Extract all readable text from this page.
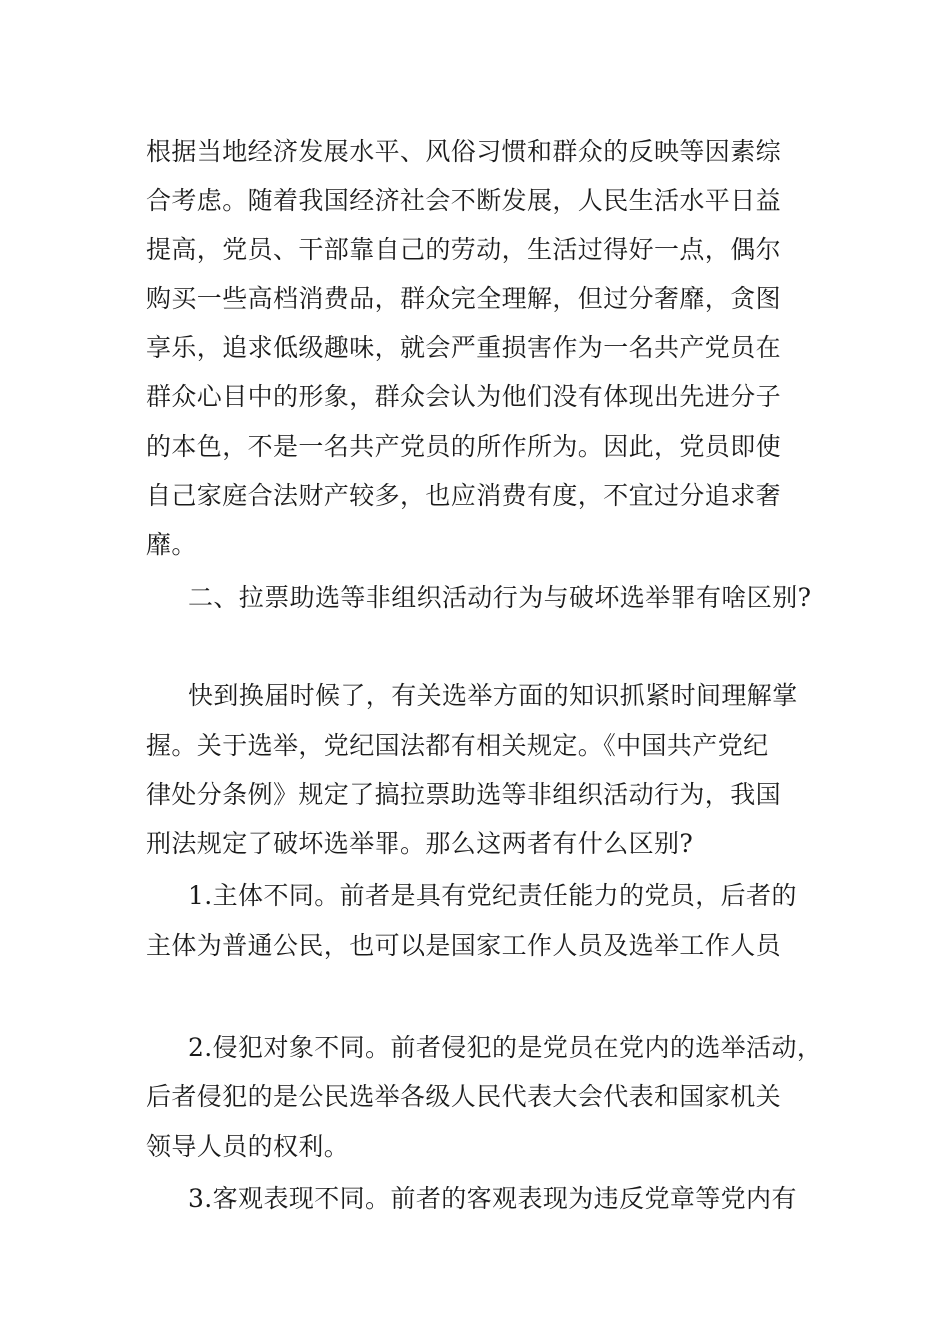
根据当地经济发展水平、风俗习惯和群众的反映等因素综

合考虑。随着我国经济社会不断发展，人民生活水平日益

提高，党员、干部靠自己的劳动，生活过得好一点，偶尔

购买一些高档消费品，群众完全理解，但过分奢靡，贪图

享乐，追求低级趣味，就会严重损害作为一名共产党员在

群众心目中的形象，群众会认为他们没有体现出先进分子

的本色，不是一名共产党员的所作所为。因此，党员即使

自己家庭合法财产较多，也应消费有度，不宜过分追求奢

靡。

二、拉票助选等非组织活动行为与破坏选举罪有啥区别?

快到换届时候了，有关选举方面的知识抓紧时间理解掌

握。关于选举，党纪国法都有相关规定。《中国共产党纪

律处分条例》规定了搞拉票助选等非组织活动行为，我国

刑法规定了破坏选举罪。那么这两者有什么区别?

1.主体不同。前者是具有党纪责任能力的党员，后者的

主体为普通公民，也可以是国家工作人员及选举工作人员

2.侵犯对象不同。前者侵犯的是党员在党内的选举活动，

后者侵犯的是公民选举各级人民代表大会代表和国家机关

领导人员的权利。

3.客观表现不同。前者的客观表现为违反党章等党内有
